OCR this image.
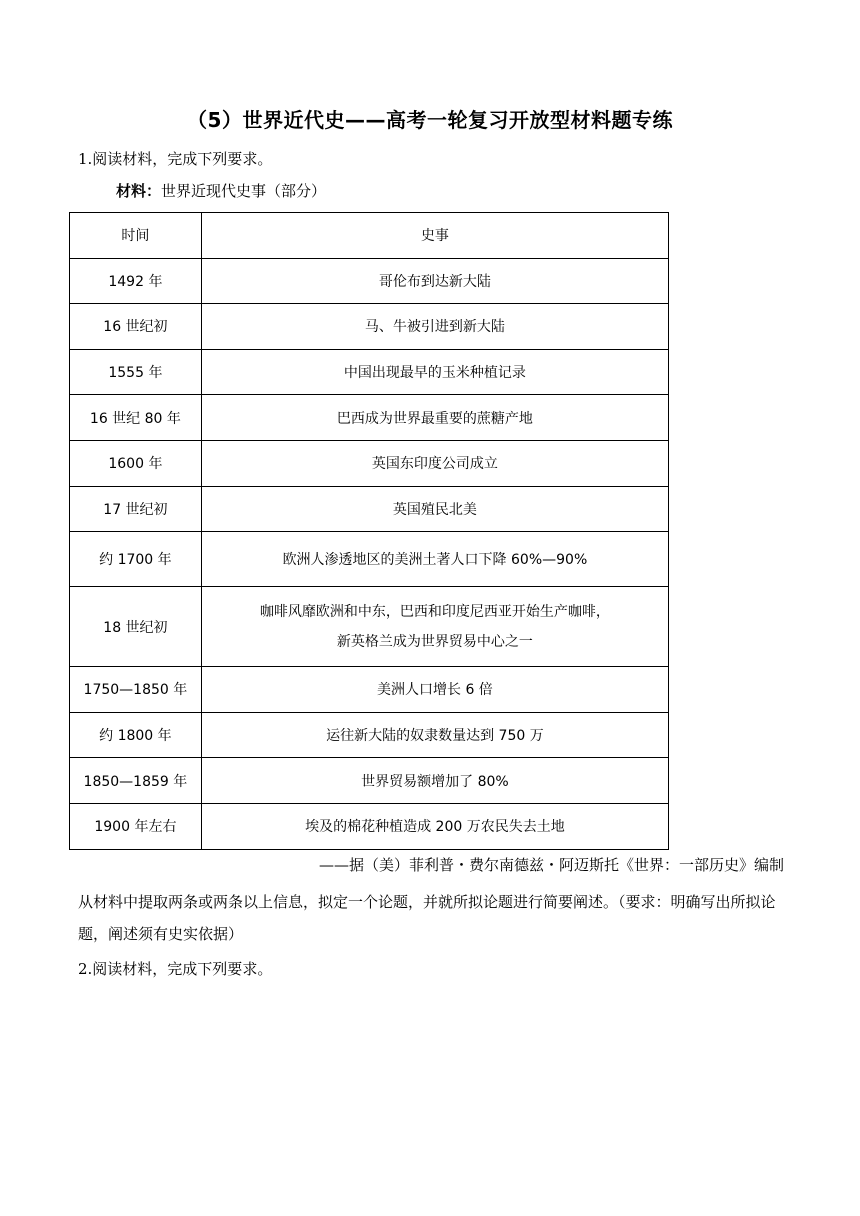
（5）世界近代史——高考一轮复习开放型材料题专练
1.阅读材料，完成下列要求。
材料：世界近现代史事（部分）
时间	史事
1492 年	哥伦布到达新大陆
16 世纪初	马、牛被引进到新大陆
1555 年	中国出现最早的玉米种植记录
16 世纪 80 年	巴西成为世界最重要的蔗糖产地
1600 年	英国东印度公司成立
17 世纪初	英国殖民北美
约 1700 年	欧洲人渗透地区的美洲土著人口下降 60%—90%
18 世纪初	咖啡风靡欧洲和中东，巴西和印度尼西亚开始生产咖啡，
新英格兰成为世界贸易中心之一

1750—1850 年	美洲人口增长 6 倍
约 1800 年	运往新大陆的奴隶数量达到 750 万
1850—1859 年	世界贸易额增加了 80%
1900 年左右	埃及的棉花种植造成 200 万农民失去土地
——据（美）菲利普・费尔南德兹・阿迈斯托《世界：一部历史》编制
从材料中提取两条或两条以上信息，拟定一个论题，并就所拟论题进行简要阐述。（要求：明确写出所拟论题，阐述须有史实依据）
2.阅读材料，完成下列要求。
